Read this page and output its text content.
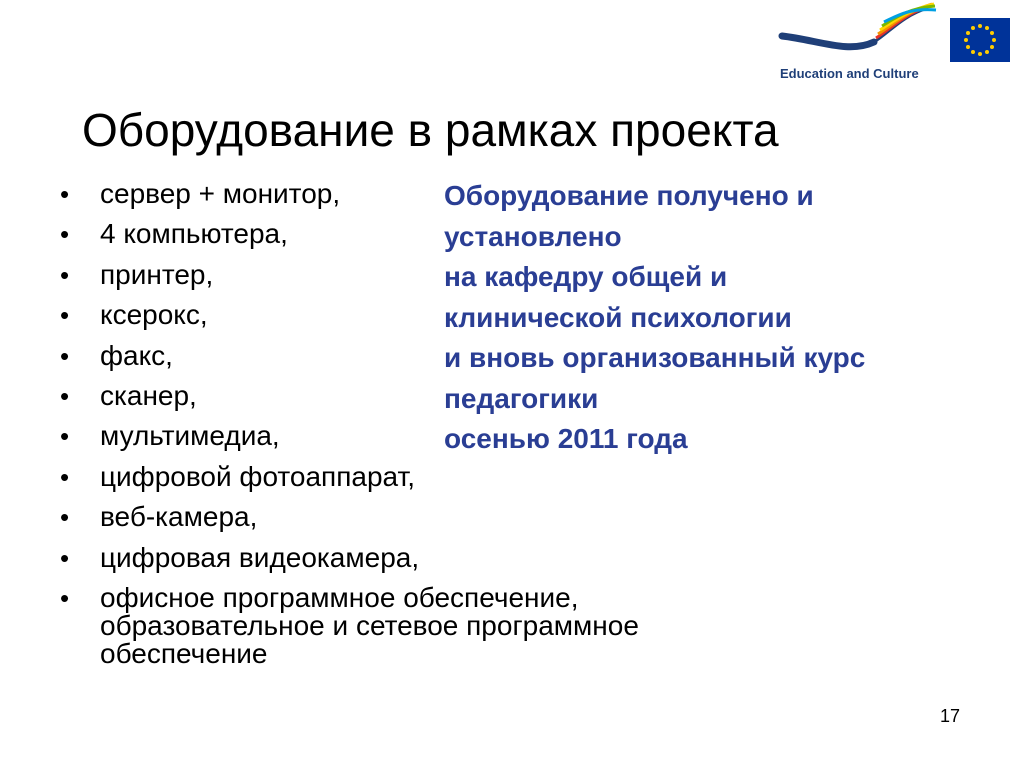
Education and Culture
Оборудование в рамках проекта
• сервер + монитор,
• 4 компьютера,
• принтер,
• ксерокс,
• факс,
• сканер,
• мультимедиа,
• цифровой фотоаппарат,
• веб-камера,
• цифровая видеокамера,
• офисное программное обеспечение, образовательное и сетевое программное обеспечение
Оборудование получено и
установлено
на кафедру общей и
клинической психологии
и вновь организованный курс
педагогики
осенью 2011 года
17
